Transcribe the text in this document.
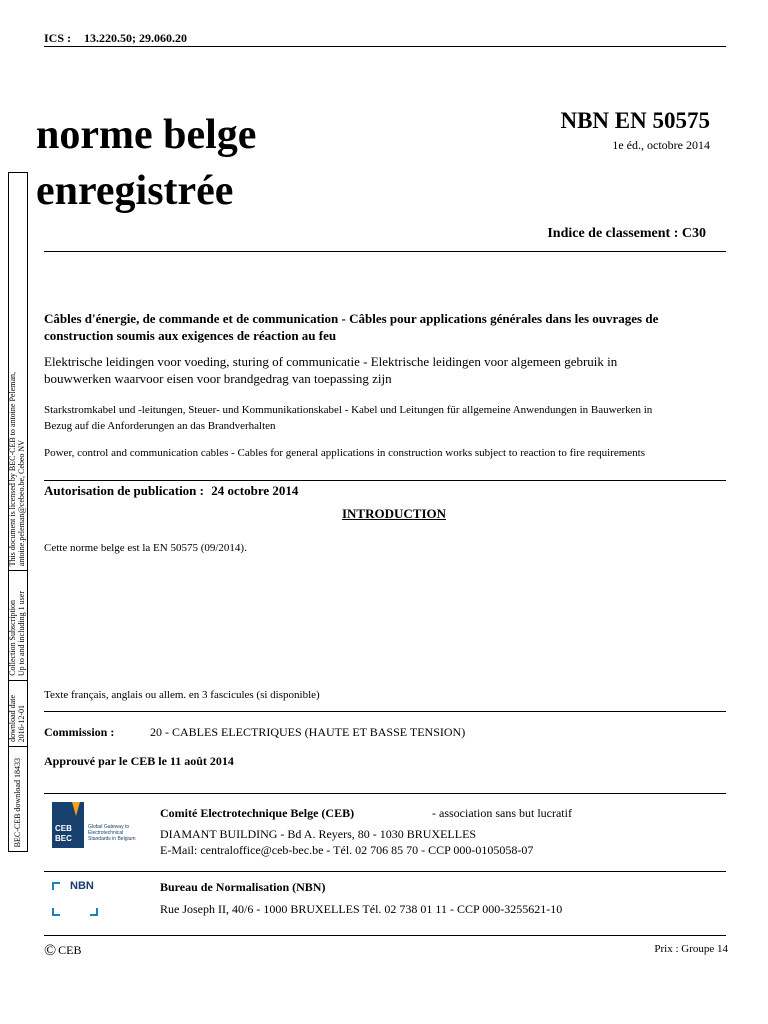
ICS : 13.220.50; 29.060.20
norme belge
enregistrée
NBN EN 50575
1e éd., octobre 2014
Indice de classement : C30
This document is licensed by BEC-CEB to antoine Peleman, antoine.peleman@cebeo.be, Cebeo NV
Collection Subscription Up to and including 1 user
download date 2016-12-01
BEC-CEB download 18433
Câbles d'énergie, de commande et de communication - Câbles pour applications générales dans les ouvrages de construction soumis aux exigences de réaction au feu
Elektrische leidingen voor voeding, sturing of communicatie - Elektrische leidingen voor algemeen gebruik in bouwwerken waarvoor eisen voor brandgedrag van toepassing zijn
Starkstromkabel und -leitungen, Steuer- und Kommunikationskabel - Kabel und Leitungen für allgemeine Anwendungen in Bauwerken in Bezug auf die Anforderungen an das Brandverhalten
Power, control and communication cables - Cables for general applications in construction works subject to reaction to fire requirements
Autorisation de publication : 24 octobre 2014
INTRODUCTION
Cette norme belge est la EN 50575 (09/2014).
Texte français, anglais ou allem. en 3 fascicules (si disponible)
Commission :	20 - CABLES ELECTRIQUES (HAUTE ET BASSE TENSION)
Approuvé par le CEB le 11 août 2014
CEB
BEC
Global Gateway to Electrotechnical Standards in Belgium
Comité Electrotechnique Belge (CEB)	- association sans but lucratif
DIAMANT BUILDING - Bd A. Reyers, 80 - 1030 BRUXELLES
E-Mail: centraloffice@ceb-bec.be - Tél. 02 706 85 70 - CCP 000-0105058-07
NBN	Bureau de Normalisation (NBN)
Rue Joseph II, 40/6 - 1000 BRUXELLES Tél. 02 738 01 11 - CCP 000-3255621-10
© CEB	Prix : Groupe 14
